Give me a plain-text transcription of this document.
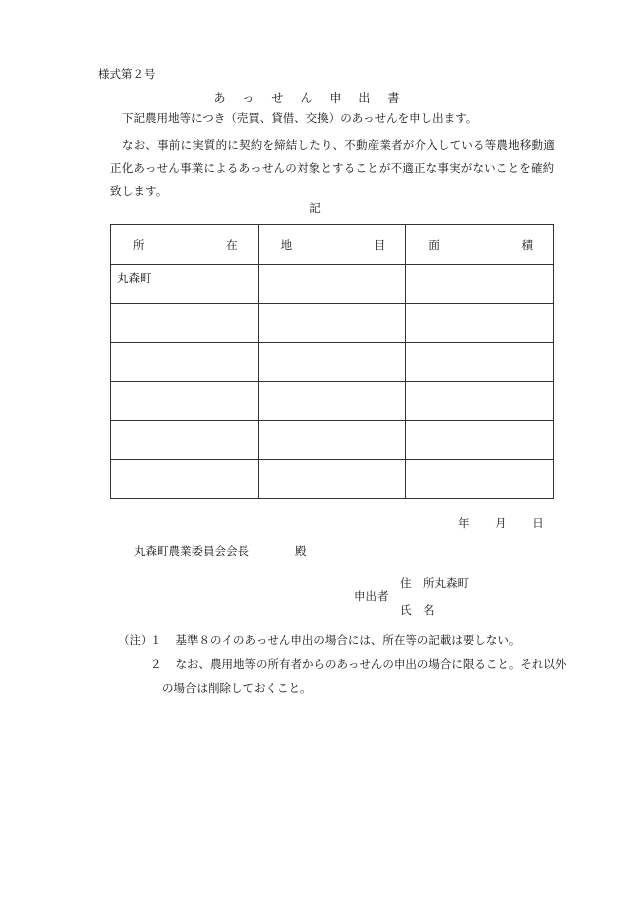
様式第２号
あっせん申出書
下記農用地等につき（売買、貸借、交換）のあっせんを申し出ます。
なお、事前に実質的に契約を締結したり、不動産業者が介入している等農地移動適正化あっせん事業によるあっせんの対象とすることが不適正な事実がないことを確約致します。
記
所在	地目	面積

丸森町		

年 月 日
丸森町農業委員会会長　　　　殿
住　所丸森町
申出者
氏　名
（注）
１ 基準８のイのあっせん申出の場合には、所在等の記載は要しない。
２ なお、農用地等の所有者からのあっせんの申出の場合に限ること。それ以外
の場合は削除しておくこと。
